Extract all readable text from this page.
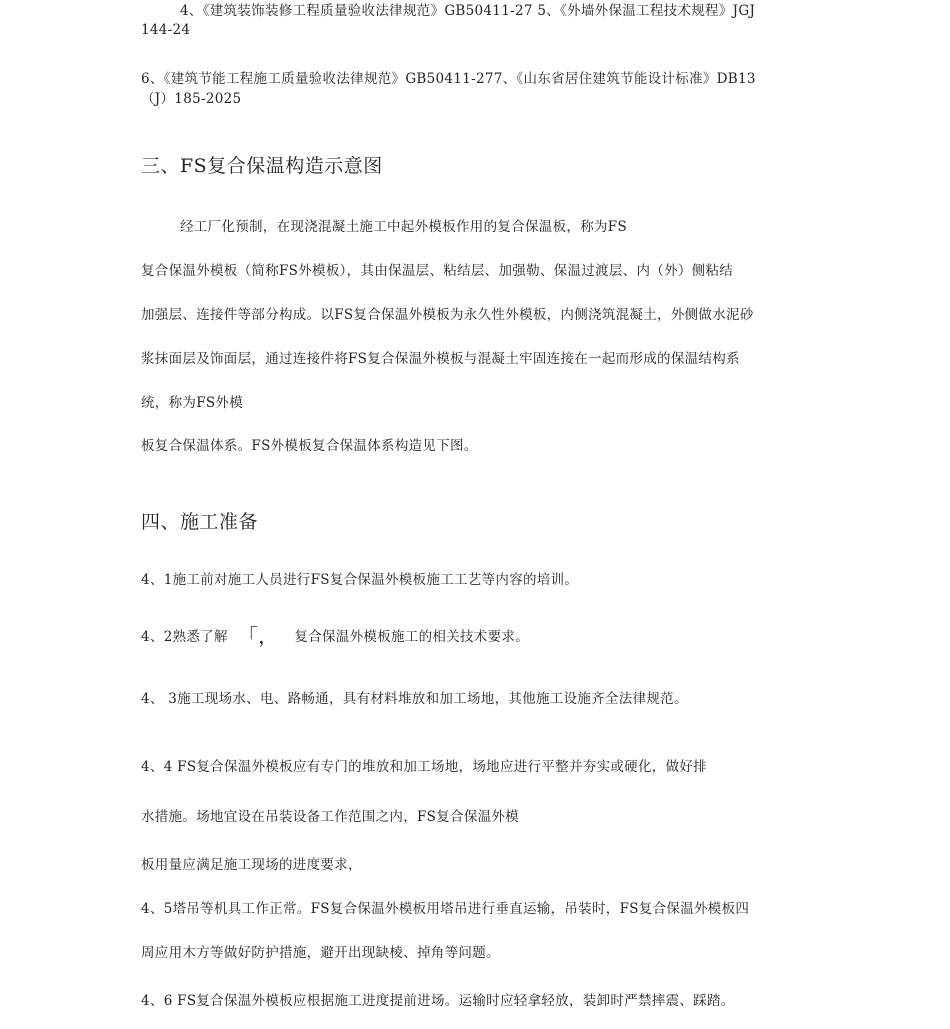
4、《建筑装饰装修工程质量验收法律规范》GB50411-27 5、《外墙外保温工程技术规程》JGJ
144-24
6、《建筑节能工程施工质量验收法律规范》GB50411-277、《山东省居住建筑节能设计标准》DB13
（J）185-2025
三、FS复合保温构造示意图
经工厂化预制，在现浇混凝土施工中起外模板作用的复合保温板，称为FS
复合保温外模板（简称FS外模板），其由保温层、粘结层、加强勒、保温过渡层、内（外）侧粘结
加强层、连接件等部分构成。以FS复合保温外模板为永久性外模板，内侧浇筑混凝土，外侧做水泥砂
浆抹面层及饰面层，通过连接件将FS复合保温外模板与混凝土牢固连接在一起而形成的保温结构系
统，称为FS外模
板复合保温体系。FS外模板复合保温体系构造见下图。
四、施工准备
4、1施工前对施工人员进行FS复合保温外模板施工工艺等内容的培训。
4、2熟悉了解 ｢， 复合保温外模板施工的相关技术要求。
4、 3施工现场水、电、路畅通，具有材料堆放和加工场地，其他施工设施齐全法律规范。
4、4 FS复合保温外模板应有专门的堆放和加工场地，场地应进行平整并夯实或硬化，做好排
水措施。场地宜设在吊装设备工作范围之内，FS复合保温外模
板用量应满足施工现场的进度要求，
4、5塔吊等机具工作正常。FS复合保温外模板用塔吊进行垂直运输，吊装时，FS复合保温外模板四
周应用木方等做好防护措施，避开出现缺棱、掉角等问题。
4、6 FS复合保温外模板应根据施工进度提前进场。运输时应轻拿轻放，装卸时严禁摔震、踩踏。
